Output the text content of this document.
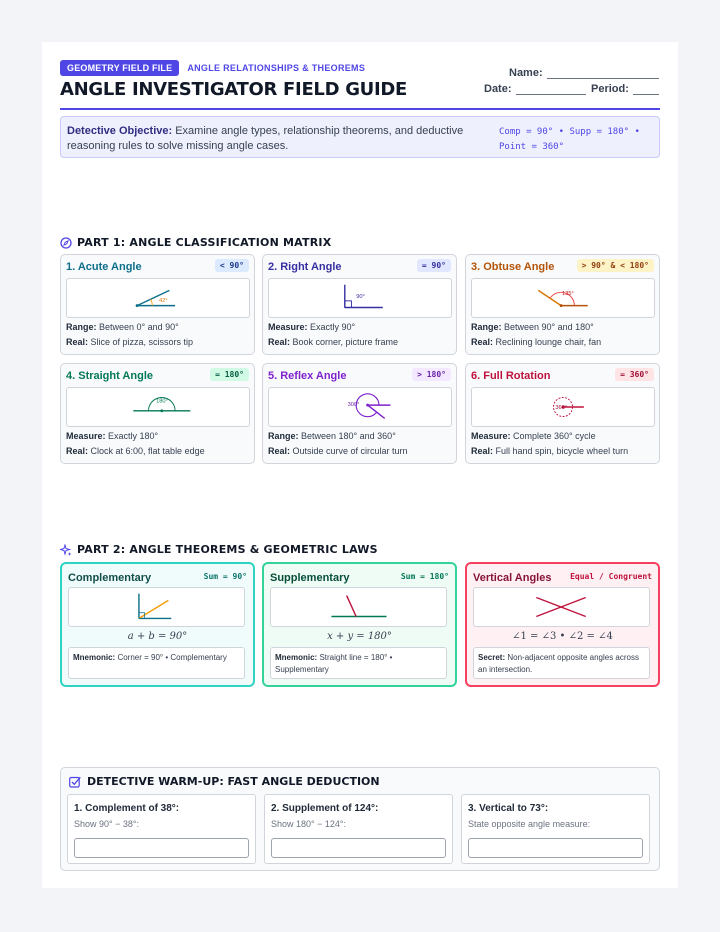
GEOMETRY FIELD FILE	ANGLE RELATIONSHIPS & THEOREMS
ANGLE INVESTIGATOR FIELD GUIDE
Name:
Date:	Period:
Detective Objective: Examine angle types, relationship theorems, and deductive reasoning rules to solve missing angle cases.
Comp = 90° • Supp = 180° • Point = 360°
PART 1: ANGLE CLASSIFICATION MATRIX
1. Acute Angle	< 90°
42°
Range: Between 0° and 90°
Real: Slice of pizza, scissors tip
2. Right Angle	= 90°
90°
Measure: Exactly 90°
Real: Book corner, picture frame
3. Obtuse Angle	> 90° & < 180°
135°
Range: Between 90° and 180°
Real: Reclining lounge chair, fan
4. Straight Angle	= 180°
180°
Measure: Exactly 180°
Real: Clock at 6:00, flat table edge
5. Reflex Angle	> 180°
300°
Range: Between 180° and 360°
Real: Outside curve of circular turn
6. Full Rotation	= 360°
360°
Measure: Complete 360° cycle
Real: Full hand spin, bicycle wheel turn
PART 2: ANGLE THEOREMS & GEOMETRIC LAWS
Complementary	Sum = 90°
a + b = 90°
Mnemonic: Corner = 90° • Complementary
Supplementary	Sum = 180°
x + y = 180°
Mnemonic: Straight line = 180° • Supplementary
Vertical Angles Equal / Congruent
∠1 = ∠3 • ∠2 = ∠4
Secret: Non-adjacent opposite angles across an intersection.
DETECTIVE WARM-UP: FAST ANGLE DEDUCTION
1. Complement of 38°:
Show 90° − 38°:
2. Supplement of 124°:
Show 180° − 124°:
3. Vertical to 73°:
State opposite angle measure:
